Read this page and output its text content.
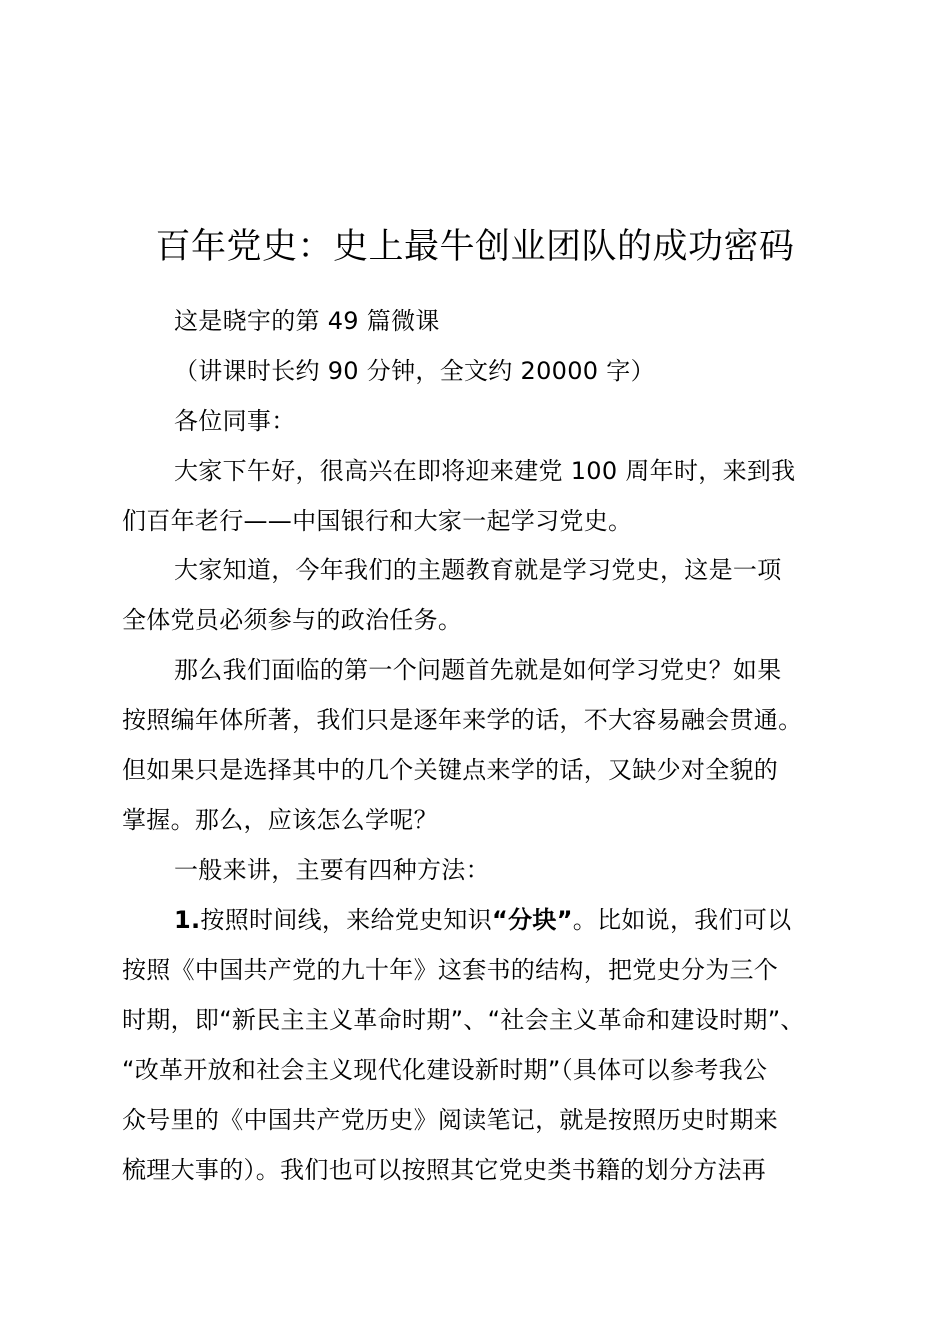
百年党史：史上最牛创业团队的成功密码
这是晓宇的第 49 篇微课
（讲课时长约 90 分钟，全文约 20000 字）
各位同事：
大家下午好，很高兴在即将迎来建党 100 周年时，来到我
们百年老行——中国银行和大家一起学习党史。
大家知道，今年我们的主题教育就是学习党史，这是一项
全体党员必须参与的政治任务。
那么我们面临的第一个问题首先就是如何学习党史？如果
按照编年体所著，我们只是逐年来学的话，不大容易融会贯通。
但如果只是选择其中的几个关键点来学的话，又缺少对全貌的
掌握。那么，应该怎么学呢？
一般来讲，主要有四种方法：
1.按照时间线，来给党史知识“分块”。比如说，我们可以
按照《中国共产党的九十年》这套书的结构，把党史分为三个
时期，即“新民主主义革命时期”、“社会主义革命和建设时期”、
“改革开放和社会主义现代化建设新时期”（具体可以参考我公
众号里的《中国共产党历史》阅读笔记，就是按照历史时期来
梳理大事的）。我们也可以按照其它党史类书籍的划分方法再
